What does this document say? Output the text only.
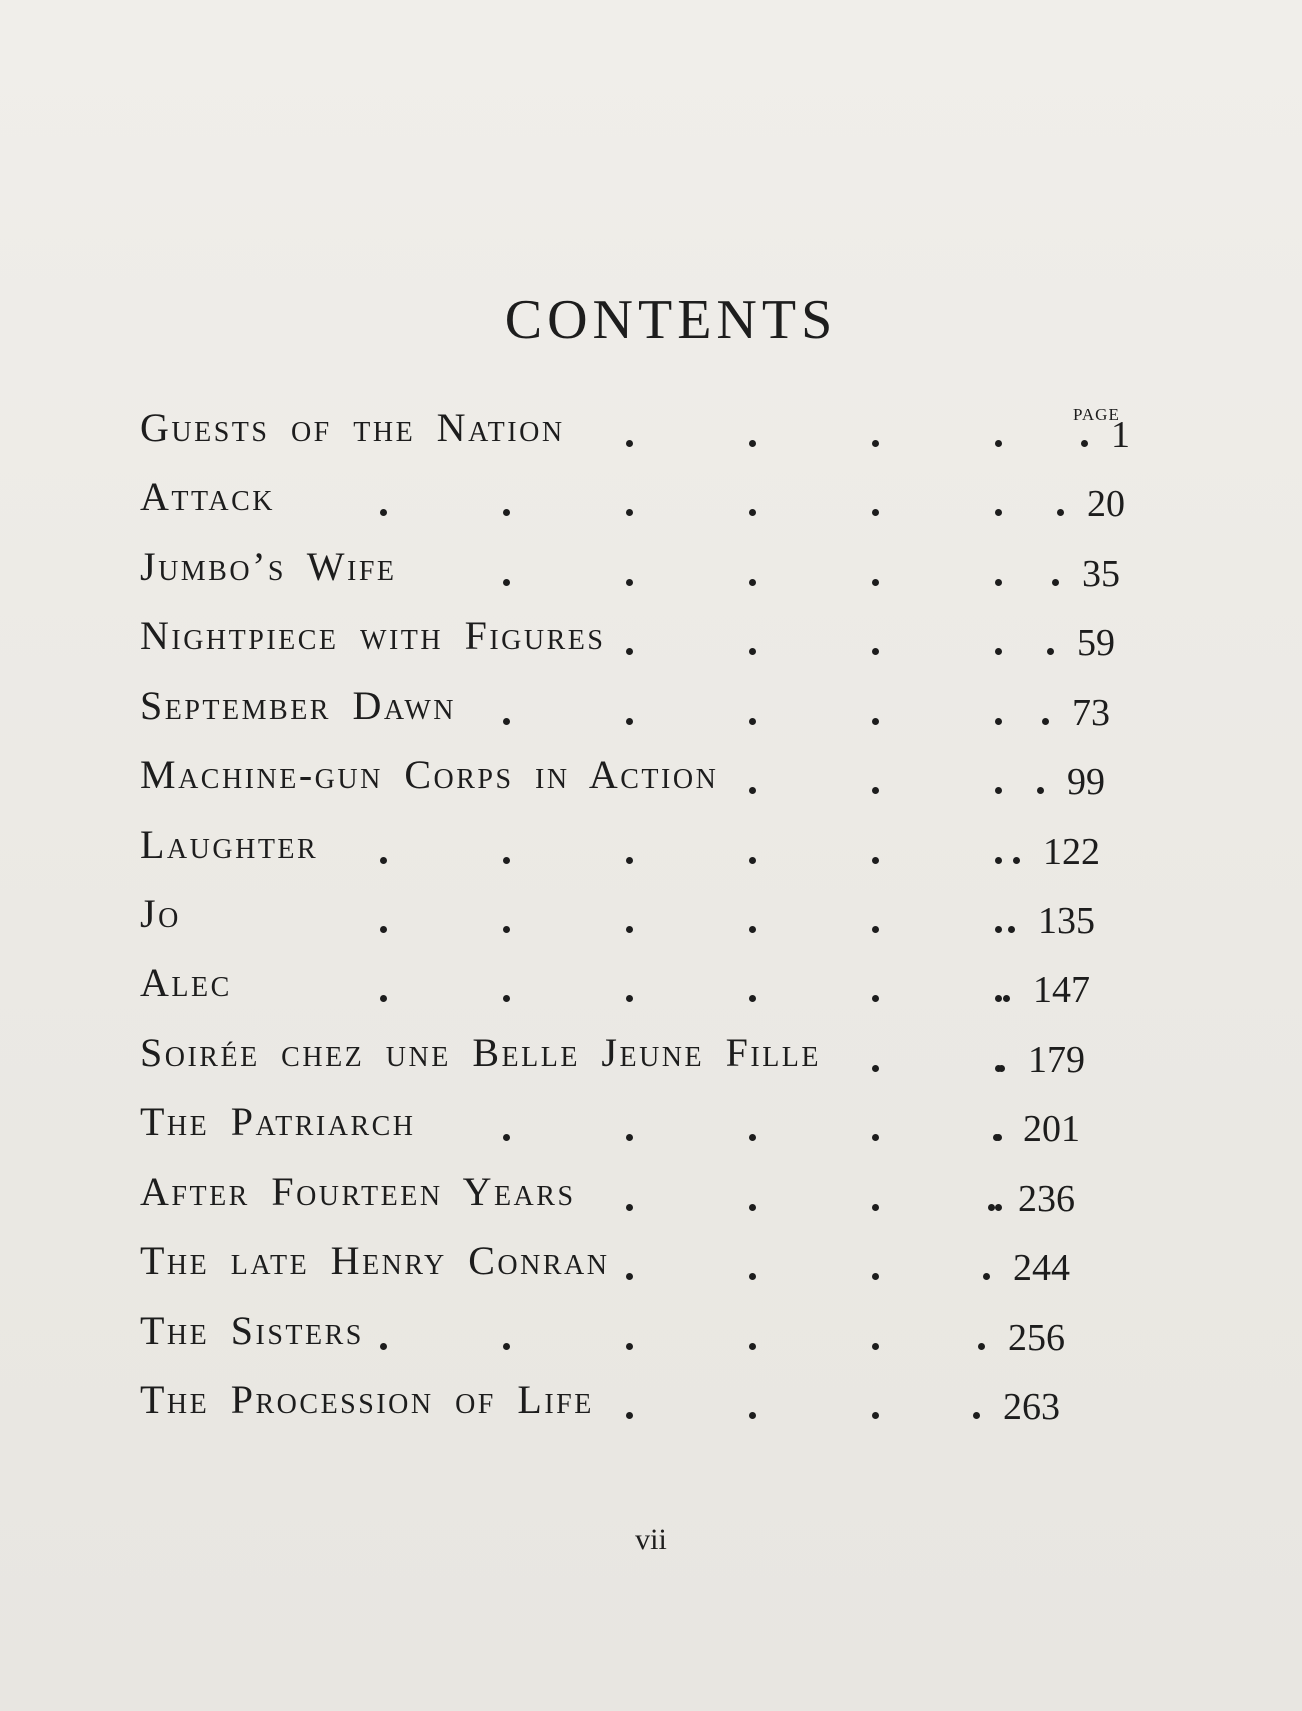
CONTENTS
PAGE
Guests of the Nation	1
Attack	20
Jumbo’s Wife	35
Nightpiece with Figures	59
September Dawn	73
Machine-gun Corps in Action	99
Laughter	122
Jo	135
Alec	147
Soirée chez une Belle Jeune Fille	179
The Patriarch	201
After Fourteen Years	236
The late Henry Conran	244
The Sisters	256
The Procession of Life	263
vii
